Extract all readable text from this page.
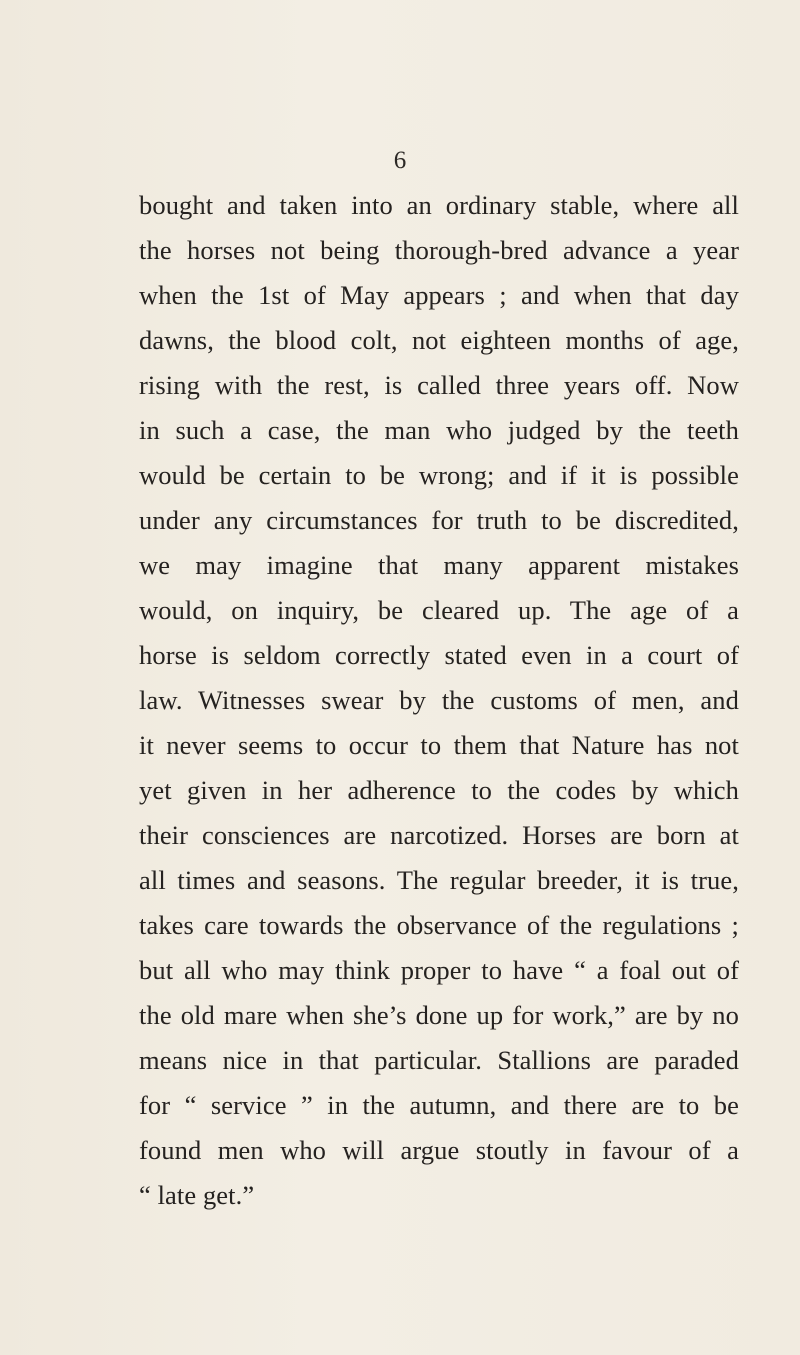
6
bought and taken into an ordinary stable, where all
the horses not being thorough-bred advance a year
when the 1st of May appears ; and when that day
dawns, the blood colt, not eighteen months of age,
rising with the rest, is called three years off. Now
in such a case, the man who judged by the teeth
would be certain to be wrong; and if it is possible
under any circumstances for truth to be discredited,
we may imagine that many apparent mistakes
would, on inquiry, be cleared up. The age of a
horse is seldom correctly stated even in a court of
law. Witnesses swear by the customs of men, and
it never seems to occur to them that Nature has not
yet given in her adherence to the codes by which
their consciences are narcotized. Horses are born at
all times and seasons. The regular breeder, it is true,
takes care towards the observance of the regulations ;
but all who may think proper to have “ a foal out of
the old mare when she’s done up for work,” are by no
means nice in that particular. Stallions are paraded
for “ service ” in the autumn, and there are to be
found men who will argue stoutly in favour of a
“ late get.”
